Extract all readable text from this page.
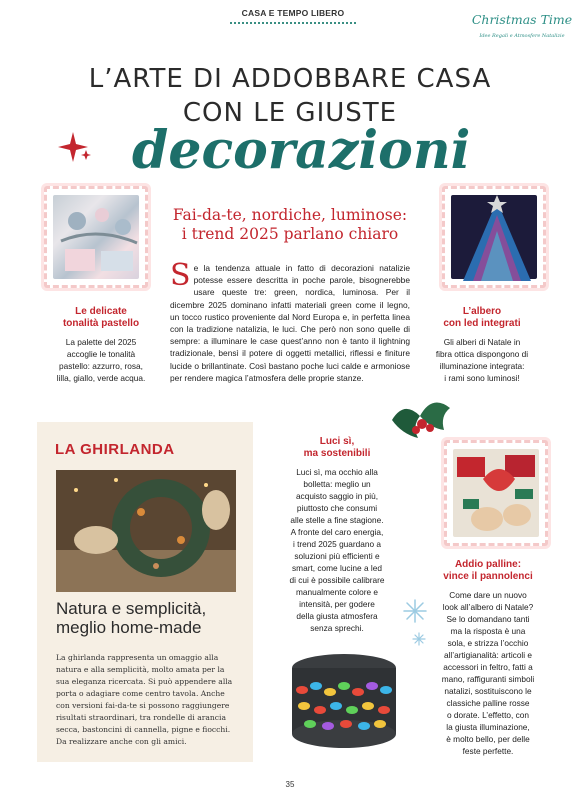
CASA E TEMPO LIBERO	Christmas Time
Idee Regali e Atmosfere Natalizie
L’ARTE DI ADDOBBARE CASA
CON LE GIUSTE
decorazioni
Fai-da-te, nordiche, luminose:
i trend 2025 parlano chiaro
Se la tendenza attuale in fatto di decorazioni natalizie potesse essere descritta in poche parole, bisognerebbe usare queste tre: green, nordica, luminosa. Per il dicembre 2025 dominano infatti materiali green come il legno, un tocco rustico proveniente dal Nord Europa e, in perfetta linea con la tradizione natalizia, le luci. Che però non sono quelle di sempre: a illuminare le case quest’anno non è tanto il lightning tradizionale, bensì il potere di oggetti metallici, riflessi e finiture lucide o brillantinate. Così bastano poche luci calde e armoniose per rendere magica l’atmosfera delle proprie stanze.
Le delicate
tonalità pastello
La palette del 2025
accoglie le tonalità
pastello: azzurro, rosa,
lilla, giallo, verde acqua.
L’albero
con led integrati
Gli alberi di Natale in
fibra ottica dispongono di
illuminazione integrata:
i rami sono luminosi!
LA GHIRLANDA
Natura e semplicità,
meglio home-made
La ghirlanda rappresenta un omaggio alla natura e alla semplicità, molto amata per la sua eleganza ricercata. Si può appendere alla porta o adagiare come centro tavola. Anche con versioni fai-da-te si possono raggiungere risultati straordinari, tra rondelle di arancia secca, bastoncini di cannella, pigne e fiocchi. Da realizzare anche con gli amici.
Luci sì,
ma sostenibili
Luci sì, ma occhio alla
bolletta: meglio un
acquisto saggio in più,
piuttosto che consumi
alle stelle a fine stagione.
A fronte del caro energia,
i trend 2025 guardano a
soluzioni più efficienti e
smart, come lucine a led
di cui è possibile calibrare
manualmente colore e
intensità, per godere
della giusta atmosfera
senza sprechi.
Addio palline:
vince il pannolenci
Come dare un nuovo
look all’albero di Natale?
Se lo domandano tanti
ma la risposta è una
sola, e strizza l’occhio
all’artigianalità: articoli e
accessori in feltro, fatti a
mano, raffiguranti simboli
natalizi, sostituiscono le
classiche palline rosse
o dorate. L’effetto, con
la giusta illuminazione,
è molto bello, per delle
feste perfette.
35
